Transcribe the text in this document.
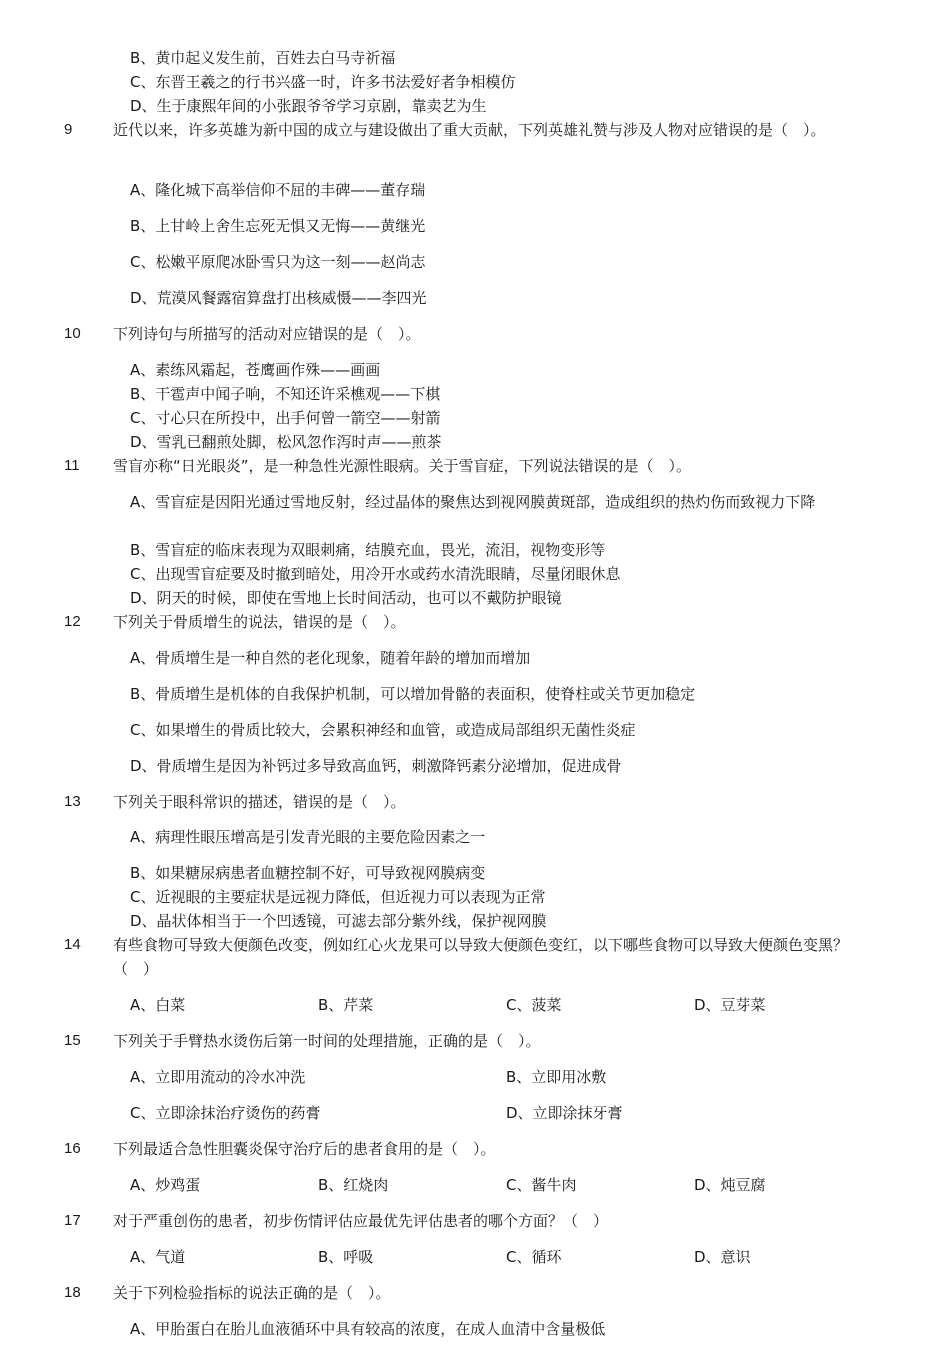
B、黄巾起义发生前，百姓去白马寺祈福
C、东晋王羲之的行书兴盛一时，许多书法爱好者争相模仿
D、生于康熙年间的小张跟爷爷学习京剧，靠卖艺为生
9	近代以来，许多英雄为新中国的成立与建设做出了重大贡献，下列英雄礼赞与涉及人物对应错误的是（　）。
A、隆化城下高举信仰不屈的丰碑——董存瑞
B、上甘岭上舍生忘死无惧又无悔——黄继光
C、松嫩平原爬冰卧雪只为这一刻——赵尚志
D、荒漠风餐露宿算盘打出核威慑——李四光
10	下列诗句与所描写的活动对应错误的是（　）。
A、素练风霜起，苍鹰画作殊——画画
B、干雹声中闻子响，不知还许采樵观——下棋
C、寸心只在所投中，出手何曾一箭空——射箭
D、雪乳已翻煎处脚，松风忽作泻时声——煎茶
11	雪盲亦称“日光眼炎”，是一种急性光源性眼病。关于雪盲症，下列说法错误的是（　）。
A、雪盲症是因阳光通过雪地反射，经过晶体的聚焦达到视网膜黄斑部，造成组织的热灼伤而致视力下降
B、雪盲症的临床表现为双眼刺痛，结膜充血，畏光，流泪，视物变形等
C、出现雪盲症要及时撤到暗处，用冷开水或药水清洗眼睛，尽量闭眼休息
D、阴天的时候，即使在雪地上长时间活动，也可以不戴防护眼镜
12	下列关于骨质增生的说法，错误的是（　）。
A、骨质增生是一种自然的老化现象，随着年龄的增加而增加
B、骨质增生是机体的自我保护机制，可以增加骨骼的表面积，使脊柱或关节更加稳定
C、如果增生的骨质比较大，会累积神经和血管，或造成局部组织无菌性炎症
D、骨质增生是因为补钙过多导致高血钙，刺激降钙素分泌增加，促进成骨
13	下列关于眼科常识的描述，错误的是（　）。
A、病理性眼压增高是引发青光眼的主要危险因素之一
B、如果糖尿病患者血糖控制不好，可导致视网膜病变
C、近视眼的主要症状是远视力降低，但近视力可以表现为正常
D、晶状体相当于一个凹透镜，可滤去部分紫外线，保护视网膜
14	有些食物可导致大便颜色改变，例如红心火龙果可以导致大便颜色变红，以下哪些食物可以导致大便颜色变黑？（　）
A、白菜	B、芹菜	C、菠菜	D、豆芽菜
15	下列关于手臂热水烫伤后第一时间的处理措施，正确的是（　）。
A、立即用流动的冷水冲洗	B、立即用冰敷
C、立即涂抹治疗烫伤的药膏	D、立即涂抹牙膏
16	下列最适合急性胆囊炎保守治疗后的患者食用的是（　）。
A、炒鸡蛋	B、红烧肉	C、酱牛肉	D、炖豆腐
17	对于严重创伤的患者，初步伤情评估应最优先评估患者的哪个方面？（　）
A、气道	B、呼吸	C、循环	D、意识
18	关于下列检验指标的说法正确的是（　）。
A、甲胎蛋白在胎儿血液循环中具有较高的浓度，在成人血清中含量极低
